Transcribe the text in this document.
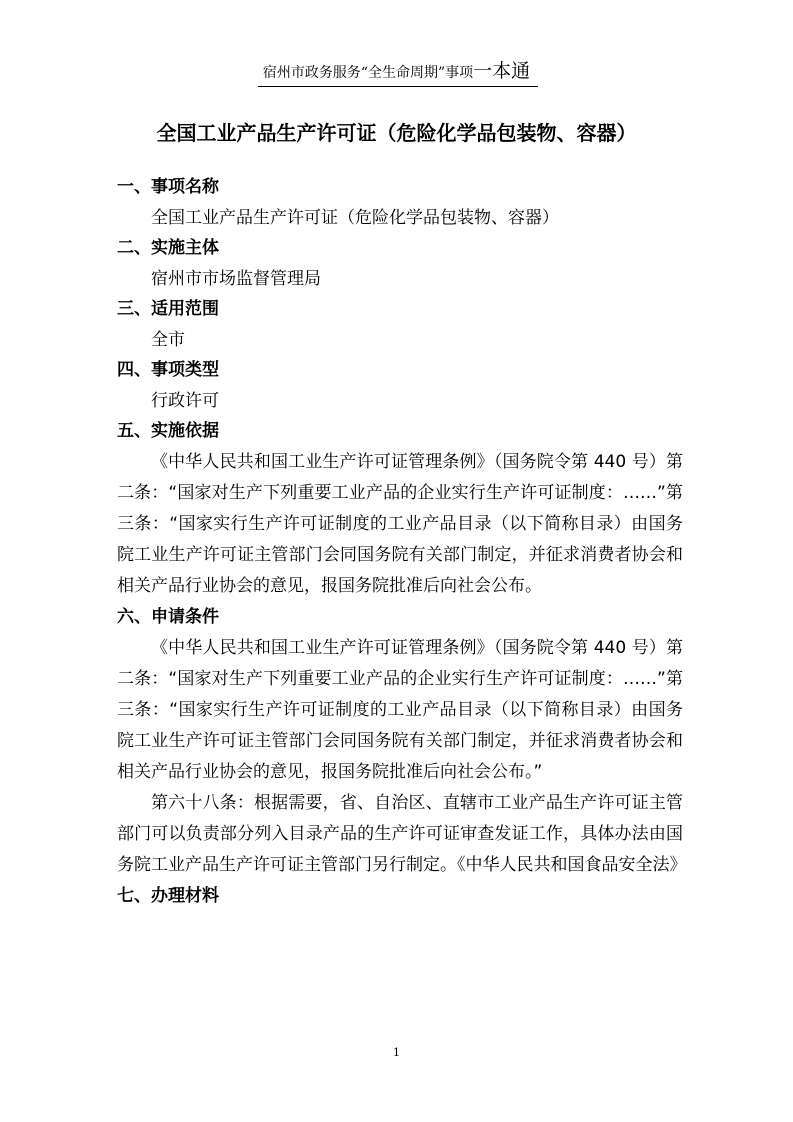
宿州市政务服务“全生命周期”事项一本通
全国工业产品生产许可证（危险化学品包装物、容器）
一、事项名称
全国工业产品生产许可证（危险化学品包装物、容器）
二、实施主体
宿州市市场监督管理局
三、适用范围
全市
四、事项类型
行政许可
五、实施依据

《中华人民共和国工业生产许可证管理条例》（国务院令第 440 号）第二条：“国家对生产下列重要工业产品的企业实行生产许可证制度：……”第三条：“国家实行生产许可证制度的工业产品目录（以下简称目录）由国务院工业生产许可证主管部门会同国务院有关部门制定，并征求消费者协会和相关产品行业协会的意见，报国务院批准后向社会公布。

六、申请条件

《中华人民共和国工业生产许可证管理条例》（国务院令第 440 号）第二条：“国家对生产下列重要工业产品的企业实行生产许可证制度：……”第三条：“国家实行生产许可证制度的工业产品目录（以下简称目录）由国务院工业生产许可证主管部门会同国务院有关部门制定，并征求消费者协会和相关产品行业协会的意见，报国务院批准后向社会公布。”

第六十八条：根据需要，省、自治区、直辖市工业产品生产许可证主管部门可以负责部分列入目录产品的生产许可证审查发证工作，具体办法由国务院工业产品生产许可证主管部门另行制定。《中华人民共和国食品安全法》

七、办理材料
1
